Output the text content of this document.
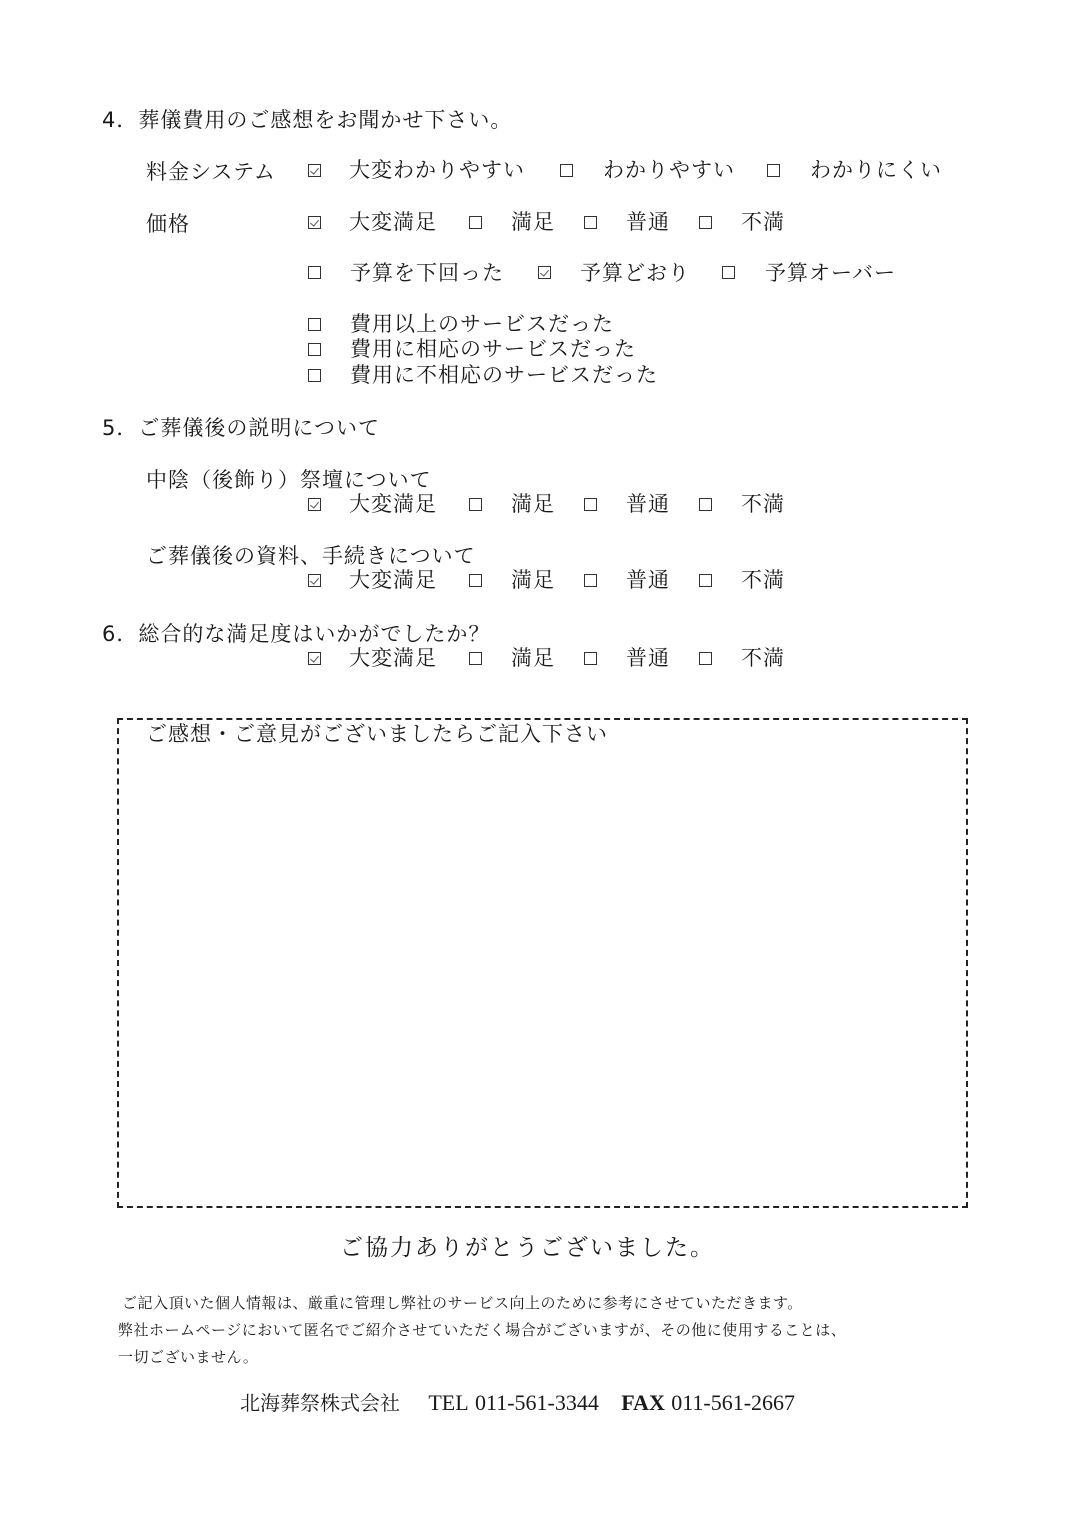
4．葬儀費用のご感想をお聞かせ下さい。
料金システム	大変わかりやすい	わかりやすい	わかりにくい
価格	大変満足	満足	普通	不満
予算を下回った	予算どおり	予算オーバー
費用以上のサービスだった
費用に相応のサービスだった
費用に不相応のサービスだった
5．ご葬儀後の説明について
中陰（後飾り）祭壇について
大変満足	満足	普通	不満
ご葬儀後の資料、手続きについて
大変満足	満足	普通	不満
6．総合的な満足度はいかがでしたか？
大変満足	満足	普通	不満
ご感想・ご意見がございましたらご記入下さい
ご協力ありがとうございました。
ご記入頂いた個人情報は、厳重に管理し弊社のサービス向上のために参考にさせていただきます。
弊社ホームページにおいて匿名でご紹介させていただく場合がございますが、その他に使用することは、
一切ございません。
北海葬祭株式会社 TEL 011-561-3344 FAX 011-561-2667
